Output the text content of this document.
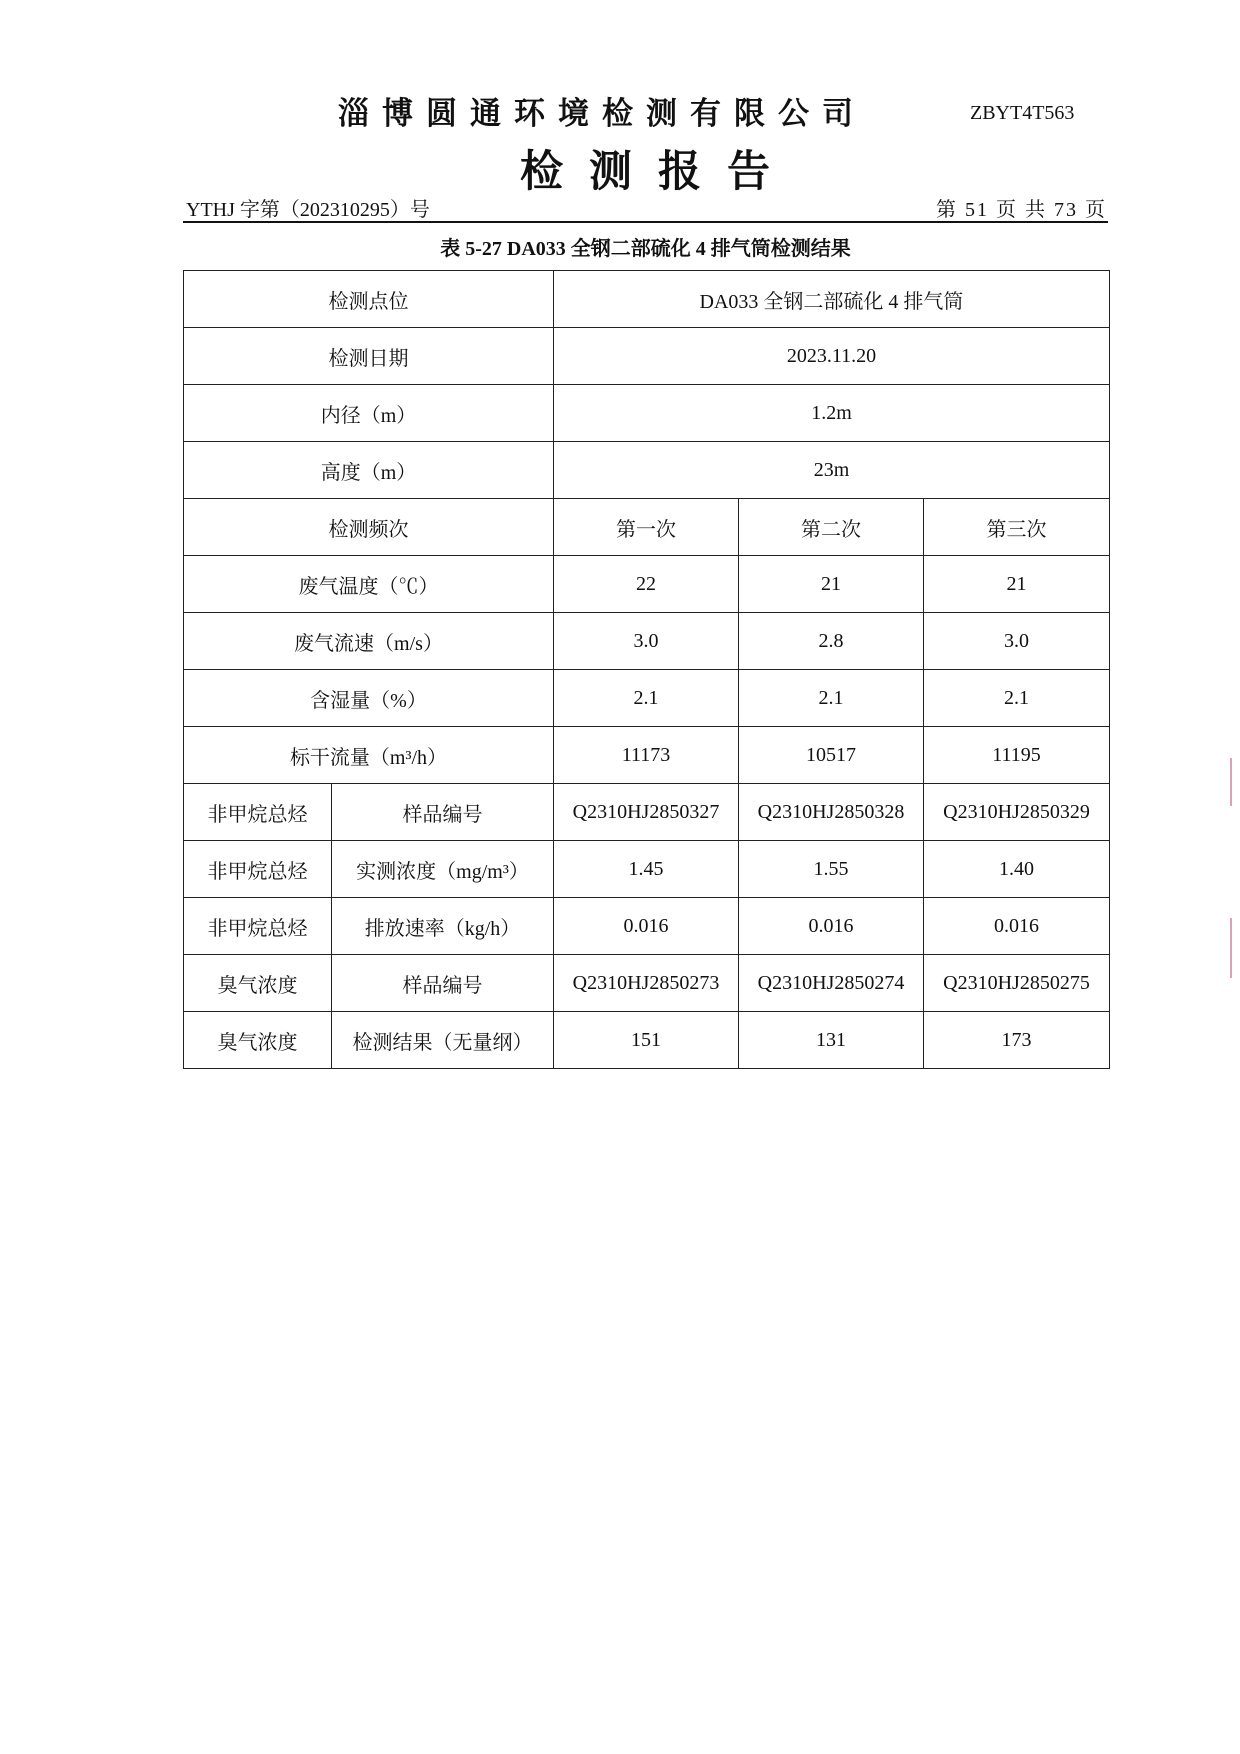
淄博圆通环境检测有限公司	ZBYT4T563
检测报告
YTHJ 字第（202310295）号	第 51 页 共 73 页
表 5-27 DA033 全钢二部硫化 4 排气筒检测结果
检测点位		DA033 全钢二部硫化 4 排气筒		
检测日期		2023.11.20		
内径（m）		1.2m		
高度（m）		23m		
检测频次		第一次	第二次	第三次
废气温度（℃）		22	21	21
废气流速（m/s）		3.0	2.8	3.0
含湿量（%）		2.1	2.1	2.1
标干流量（m³/h）		11173	10517	11195
非甲烷总烃	样品编号	Q2310HJ2850327	Q2310HJ2850328	Q2310HJ2850329
非甲烷总烃	实测浓度（mg/m³）	1.45	1.55	1.40
非甲烷总烃	排放速率（kg/h）	0.016	0.016	0.016
臭气浓度	样品编号	Q2310HJ2850273	Q2310HJ2850274	Q2310HJ2850275
臭气浓度	检测结果（无量纲）	151	131	173
